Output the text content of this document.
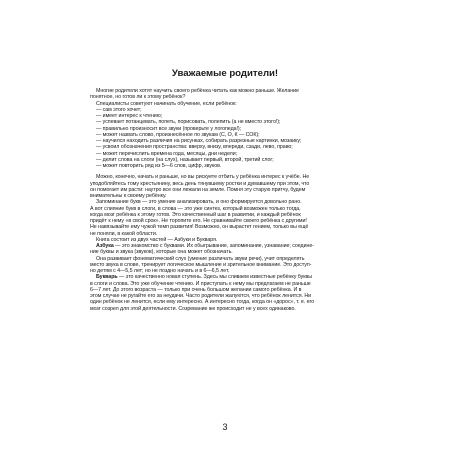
Уважаемые родители!
Многие родители хотят научить своего ребёнка читать как можно раньше. Желание
понятное, но готов ли к этому ребёнок?
Специалисты советуют начинать обучение, если ребёнок:
— сам этого хочет;
— имеет интерес к чтению;
— успевает потанцевать, попеть, порисовать, полепить (а не вместо этого!);
— правильно произносит все звуки (проверьте у логопеда!);
— может назвать слово, произнесённое по звукам (С, О, К — СОК);
— научился находить различия на рисунках, собирать разрезные картинки, мозаику;
— усвоил обозначения пространства: вверху, внизу, впереди, сзади, лево, право;
— может перечислить времена года, месяцы, дни недели;
— делит слова на слоги (на слух), называет первый, второй, третий слог;
— может повторить ряд из 5—6 слов, цифр, звуков.
Можно, конечно, начать и раньше, но вы рискуете отбить у ребёнка интерес к учёбе. Не
уподобляйтесь тому крестьянину, весь день тянувшему ростки и думавшему при этом, что
он помогает им расти: наутро все они лежали на земле. Помня эту старую притчу, будем
внимательны к своему ребёнку.
Запоминание букв — это умение анализировать, и оно формируется довольно рано.
А вот слияние букв в слоги, в слова — это уже синтез, который возможен только тогда,
когда мозг ребёнка к этому готов. Это качественный шаг в развитии, и каждый ребёнок
придёт к нему «в свой срок». Не торопите его. Не сравнивайте своего ребёнка с другими!
Не навязывайте ему чужой темп развития! Возможно, он вырастет гением, только вы ещё
не поняли, в какой области.
Книга состоит из двух частей — Азбуки и Букваря.
Азбука — это знакомство с буквами. Их обыгрывание, запоминание, узнавание; соедине-
ние буквы и звука (звуков), которые она может обозначать.
Она развивает фонематический слух (умение различать звуки речи), учит определять
место звука в слове, тренирует логическое мышление и зрительное внимание. Это доступ-
но детям с 4—5,5 лет; но не поздно начать и в 6—6,5 лет.
Букварь — это качественно новая ступень. Здесь мы сливаем известные ребёнку буквы
в слоги и слова. Это уже обучение чтению. И приступать к нему мы предлагаем не раньше
6—7 лет. До этого возраста — только при очень большом желании самого ребёнка. И в
этом случае не ругайте его за неудачи. Часто родители жалуются, что ребёнок ленится. Ни
один ребёнок не ленится, если ему интересно. А интересно тогда, когда он «дорос», т. е. его
мозг созрел для этой деятельности. Созревание же происходит не у всех одинаково.
3
